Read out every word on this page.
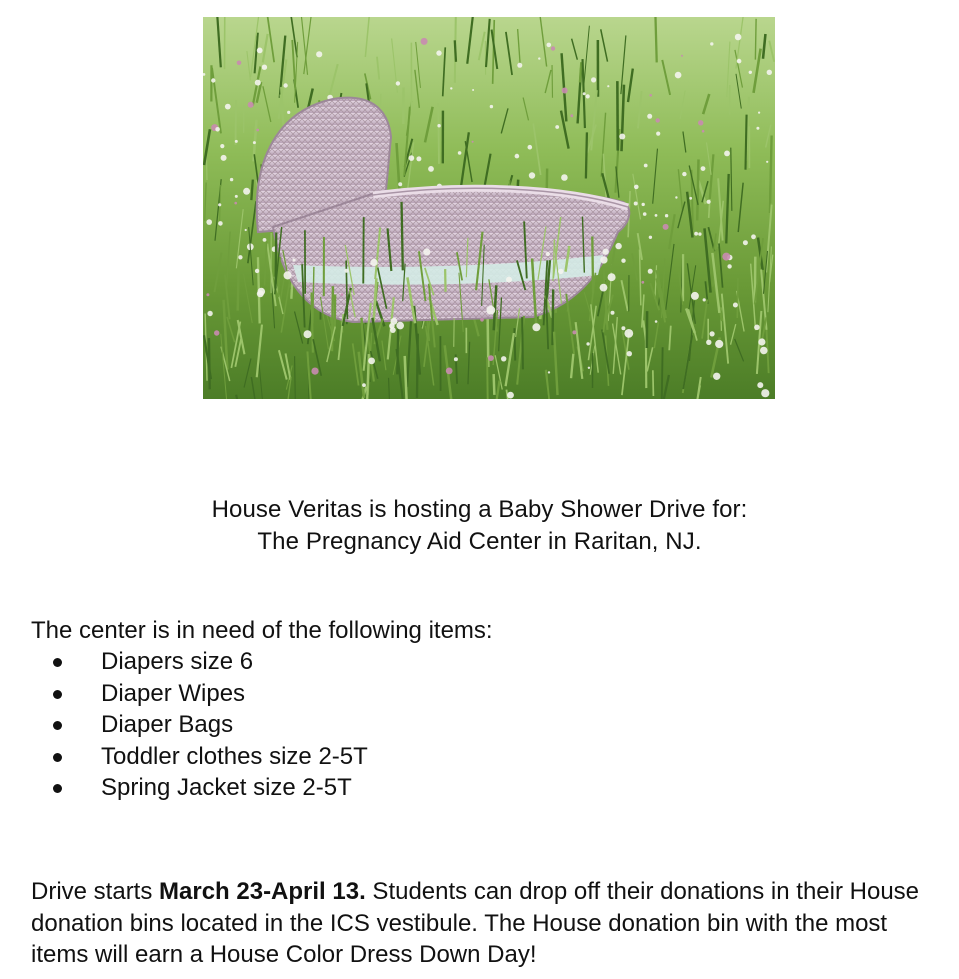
House Veritas is hosting a Baby Shower Drive for:
The Pregnancy Aid Center in Raritan, NJ.
The center is in need of the following items:
Diapers size 6
Diaper Wipes
Diaper Bags
Toddler clothes size 2-5T
Spring Jacket size 2-5T
Drive starts March 23-April 13. Students can drop off their donations in their House donation bins located in the ICS vestibule. The House donation bin with the most items will earn a House Color Dress Down Day!
